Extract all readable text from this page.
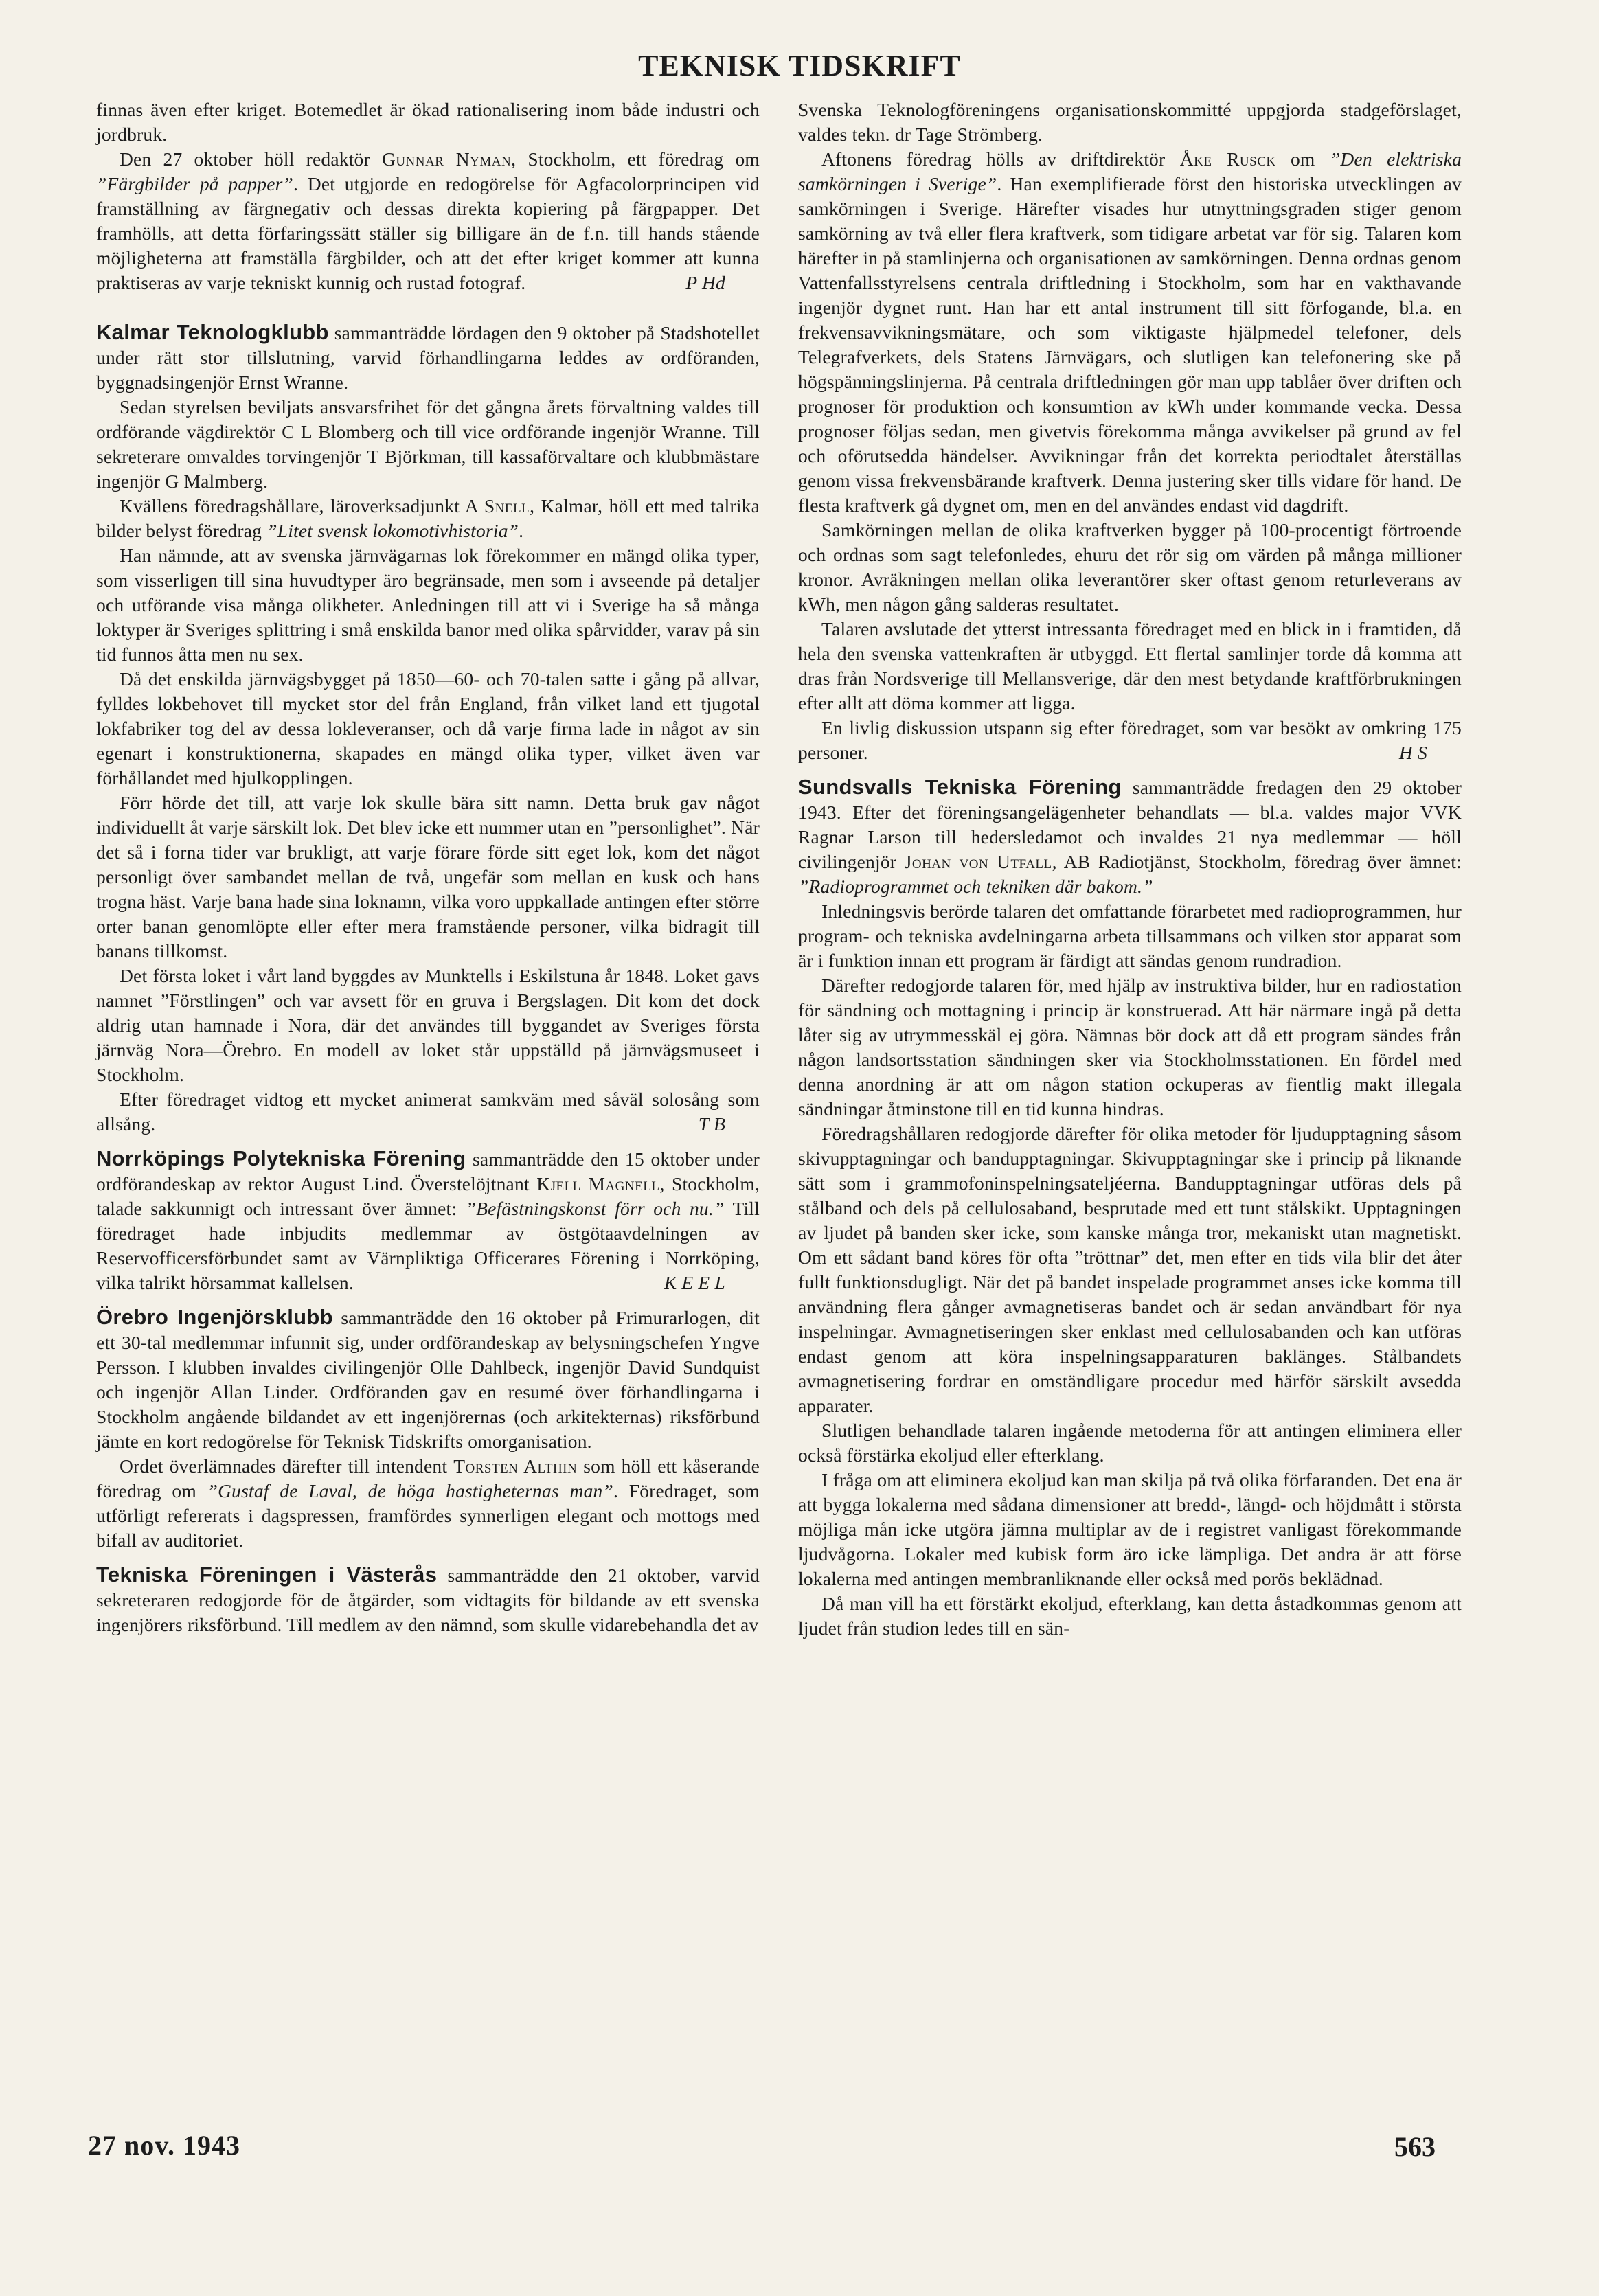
TEKNISK TIDSKRIFT

finnas även efter kriget. Botemedlet är ökad rationalisering inom både industri och jordbruk.

Den 27 oktober höll redaktör Gunnar Nyman, Stockholm, ett föredrag om ”Färgbilder på papper”. Det utgjorde en redogörelse för Agfacolorprincipen vid framställning av färgnegativ och dessas direkta kopiering på färgpapper. Det framhölls, att detta förfaringssätt ställer sig billigare än de f.n. till hands stående möjligheterna att framställa färgbilder, och att det efter kriget kommer att kunna praktiseras av varje tekniskt kunnig och rustad fotograf.	P Hd

Kalmar Teknologklubb sammanträdde lördagen den 9 oktober på Stadshotellet under rätt stor tillslutning, varvid förhandlingarna leddes av ordföranden, byggnadsingenjör Ernst Wranne.

Sedan styrelsen beviljats ansvarsfrihet för det gångna årets förvaltning valdes till ordförande vägdirektör C L Blomberg och till vice ordförande ingenjör Wranne. Till sekreterare omvaldes torvingenjör T Björkman, till kassaförvaltare och klubbmästare ingenjör G Malmberg.

Kvällens föredragshållare, läroverksadjunkt A Snell, Kalmar, höll ett med talrika bilder belyst föredrag ”Litet svensk lokomotivhistoria”.

Han nämnde, att av svenska järnvägarnas lok förekommer en mängd olika typer, som visserligen till sina huvudtyper äro begränsade, men som i avseende på detaljer och utförande visa många olikheter. Anledningen till att vi i Sverige ha så många loktyper är Sveriges splittring i små enskilda banor med olika spårvidder, varav på sin tid funnos åtta men nu sex.

Då det enskilda järnvägsbygget på 1850—60- och 70-talen satte i gång på allvar, fylldes lokbehovet till mycket stor del från England, från vilket land ett tjugotal lokfabriker tog del av dessa lokleveranser, och då varje firma lade in något av sin egenart i konstruktionerna, skapades en mängd olika typer, vilket även var förhållandet med hjulkopplingen.

Förr hörde det till, att varje lok skulle bära sitt namn. Detta bruk gav något individuellt åt varje särskilt lok. Det blev icke ett nummer utan en ”personlighet”. När det så i forna tider var brukligt, att varje förare förde sitt eget lok, kom det något personligt över sambandet mellan de två, ungefär som mellan en kusk och hans trogna häst. Varje bana hade sina loknamn, vilka voro uppkallade antingen efter större orter banan genomlöpte eller efter mera framstående personer, vilka bidragit till banans tillkomst.

Det första loket i vårt land byggdes av Munktells i Eskilstuna år 1848. Loket gavs namnet ”Förstlingen” och var avsett för en gruva i Bergslagen. Dit kom det dock aldrig utan hamnade i Nora, där det användes till byggandet av Sveriges första järnväg Nora—Örebro. En modell av loket står uppställd på järnvägsmuseet i Stockholm.

Efter föredraget vidtog ett mycket animerat samkväm med såväl solosång som allsång.	T B

Norrköpings Polytekniska Förening sammanträdde den 15 oktober under ordförandeskap av rektor August Lind. Överstelöjtnant Kjell Magnell, Stockholm, talade sakkunnigt och intressant över ämnet: ”Befästningskonst förr och nu.” Till föredraget hade inbjudits medlemmar av östgötaavdelningen av Reservofficersförbundet samt av Värnpliktiga Officerares Förening i Norrköping, vilka talrikt hörsammat kallelsen.	K E E L

Örebro Ingenjörsklubb sammanträdde den 16 oktober på Frimurarlogen, dit ett 30-tal medlemmar infunnit sig, under ordförandeskap av belysningschefen Yngve Persson. I klubben invaldes civilingenjör Olle Dahlbeck, ingenjör David Sundquist och ingenjör Allan Linder. Ordföranden gav en resumé över förhandlingarna i Stockholm angående bildandet av ett ingenjörernas (och arkitekternas) riksförbund jämte en kort redogörelse för Teknisk Tidskrifts omorganisation.

Ordet överlämnades därefter till intendent Torsten Althin som höll ett kåserande föredrag om ”Gustaf de Laval, de höga hastigheternas man”. Föredraget, som utförligt refererats i dagspressen, framfördes synnerligen elegant och mottogs med bifall av auditoriet.

Tekniska Föreningen i Västerås sammanträdde den 21 oktober, varvid sekreteraren redogjorde för de åtgärder, som vidtagits för bildande av ett svenska ingenjörers riksförbund. Till medlem av den nämnd, som skulle vidarebehandla det av

Svenska Teknologföreningens organisationskommitté uppgjorda stadgeförslaget, valdes tekn. dr Tage Strömberg.

Aftonens föredrag hölls av driftdirektör Åke Rusck om ”Den elektriska samkörningen i Sverige”. Han exemplifierade först den historiska utvecklingen av samkörningen i Sverige. Härefter visades hur utnyttningsgraden stiger genom samkörning av två eller flera kraftverk, som tidigare arbetat var för sig. Talaren kom härefter in på stamlinjerna och organisationen av samkörningen. Denna ordnas genom Vattenfallsstyrelsens centrala driftledning i Stockholm, som har en vakthavande ingenjör dygnet runt. Han har ett antal instrument till sitt förfogande, bl.a. en frekvensavvikningsmätare, och som viktigaste hjälpmedel telefoner, dels Telegrafverkets, dels Statens Järnvägars, och slutligen kan telefonering ske på högspänningslinjerna. På centrala driftledningen gör man upp tablåer över driften och prognoser för produktion och konsumtion av kWh under kommande vecka. Dessa prognoser följas sedan, men givetvis förekomma många avvikelser på grund av fel och oförutsedda händelser. Avvikningar från det korrekta periodtalet återställas genom vissa frekvensbärande kraftverk. Denna justering sker tills vidare för hand. De flesta kraftverk gå dygnet om, men en del användes endast vid dagdrift.

Samkörningen mellan de olika kraftverken bygger på 100-procentigt förtroende och ordnas som sagt telefonledes, ehuru det rör sig om värden på många millioner kronor. Avräkningen mellan olika leverantörer sker oftast genom returleverans av kWh, men någon gång salderas resultatet.

Talaren avslutade det ytterst intressanta föredraget med en blick in i framtiden, då hela den svenska vattenkraften är utbyggd. Ett flertal samlinjer torde då komma att dras från Nordsverige till Mellansverige, där den mest betydande kraftförbrukningen efter allt att döma kommer att ligga.

En livlig diskussion utspann sig efter föredraget, som var besökt av omkring 175 personer.	H S

Sundsvalls Tekniska Förening sammanträdde fredagen den 29 oktober 1943. Efter det föreningsangelägenheter behandlats — bl.a. valdes major VVK Ragnar Larson till hedersledamot och invaldes 21 nya medlemmar — höll civilingenjör Johan von Utfall, AB Radiotjänst, Stockholm, föredrag över ämnet: ”Radioprogrammet och tekniken där bakom.”

Inledningsvis berörde talaren det omfattande förarbetet med radioprogrammen, hur program- och tekniska avdelningarna arbeta tillsammans och vilken stor apparat som är i funktion innan ett program är färdigt att sändas genom rundradion.

Därefter redogjorde talaren för, med hjälp av instruktiva bilder, hur en radiostation för sändning och mottagning i princip är konstruerad. Att här närmare ingå på detta låter sig av utrymmesskäl ej göra. Nämnas bör dock att då ett program sändes från någon landsortsstation sändningen sker via Stockholmsstationen. En fördel med denna anordning är att om någon station ockuperas av fientlig makt illegala sändningar åtminstone till en tid kunna hindras.

Föredragshållaren redogjorde därefter för olika metoder för ljudupptagning såsom skivupptagningar och bandupptagningar. Skivupptagningar ske i princip på liknande sätt som i grammofoninspelningsateljéerna. Bandupptagningar utföras dels på stålband och dels på cellulosaband, besprutade med ett tunt stålskikt. Upptagningen av ljudet på banden sker icke, som kanske många tror, mekaniskt utan magnetiskt. Om ett sådant band köres för ofta ”tröttnar” det, men efter en tids vila blir det åter fullt funktionsdugligt. När det på bandet inspelade programmet anses icke komma till användning flera gånger avmagnetiseras bandet och är sedan användbart för nya inspelningar. Avmagnetiseringen sker enklast med cellulosabanden och kan utföras endast genom att köra inspelningsapparaturen baklänges. Stålbandets avmagnetisering fordrar en omständligare procedur med härför särskilt avsedda apparater.

Slutligen behandlade talaren ingående metoderna för att antingen eliminera eller också förstärka ekoljud eller efterklang.

I fråga om att eliminera ekoljud kan man skilja på två olika förfaranden. Det ena är att bygga lokalerna med sådana dimensioner att bredd-, längd- och höjdmått i största möjliga mån icke utgöra jämna multiplar av de i registret vanligast förekommande ljudvågorna. Lokaler med kubisk form äro icke lämpliga. Det andra är att förse lokalerna med antingen membranliknande eller också med porös beklädnad.

Då man vill ha ett förstärkt ekoljud, efterklang, kan detta åstadkommas genom att ljudet från studion ledes till en sän-

27 nov. 1943	563
